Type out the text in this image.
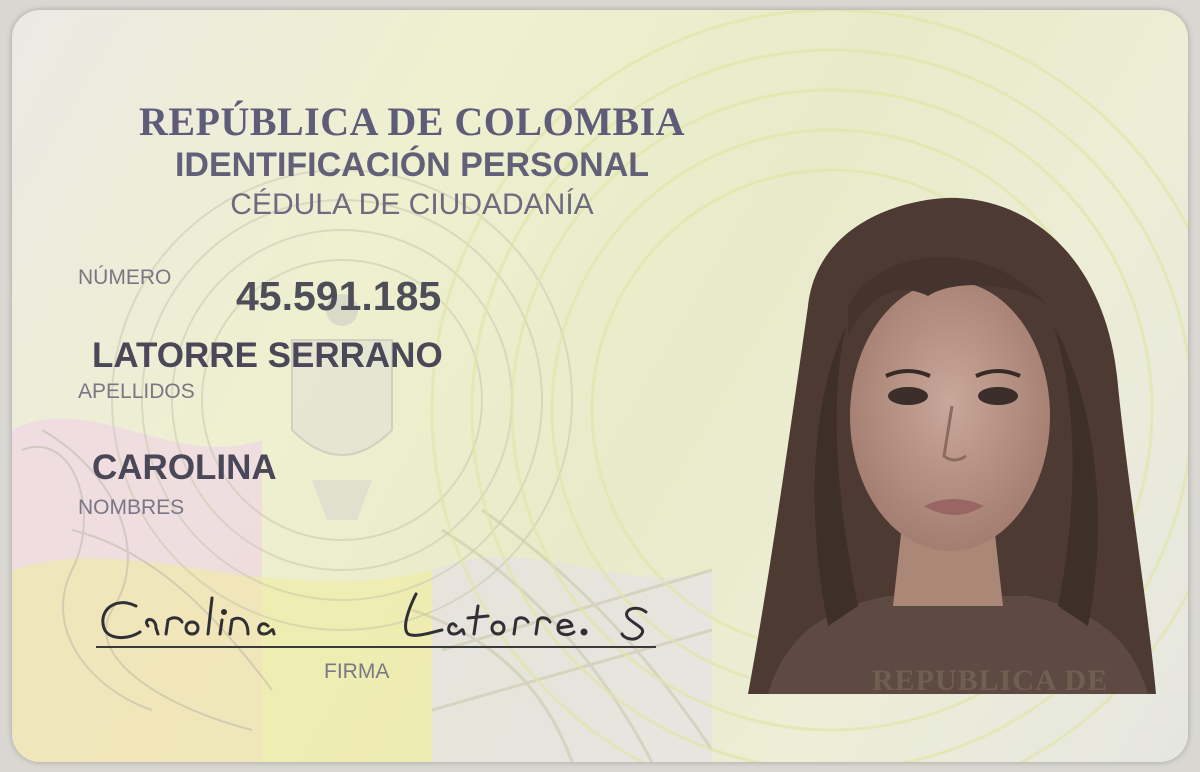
REPÚBLICA DE COLOMBIA
IDENTIFICACIÓN PERSONAL
CÉDULA DE CIUDADANÍA
NÚMERO 45.591.185
LATORRE SERRANO
APELLIDOS
CAROLINA
NOMBRES
FIRMA	REPUBLICA DE
